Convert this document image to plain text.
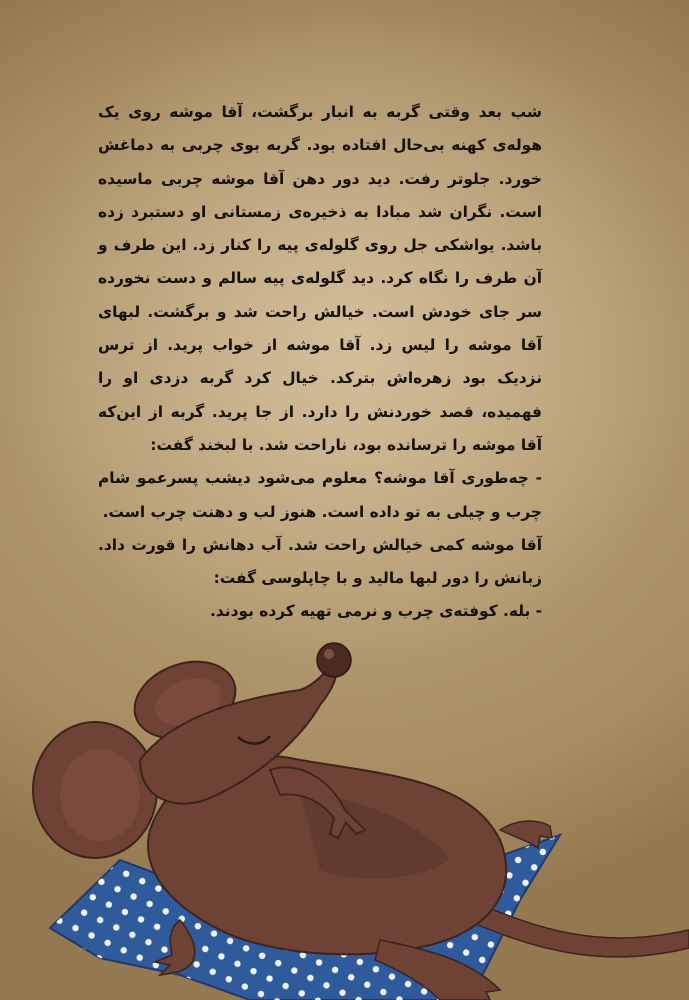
شب بعد وقتی گربه به انبار برگشت، آقا موشه روی یک هوله‌ی کهنه بی‌حال افتاده بود. گربه بوی چربی به دماغش خورد. جلوتر رفت. دید دور دهن آقا موشه چربی ماسیده است. نگران شد مبادا به ذخیره‌ی زمستانی او دستبرد زده باشد. یواشکی جل روی گلوله‌ی پیه را کنار زد. این طرف و آن طرف را نگاه کرد. دید گلوله‌ی پیه سالم و دست نخورده سر جای خودش است. خیالش راحت شد و برگشت. لبهای آقا موشه را لیس زد. آقا موشه از خواب پرید. از ترس نزدیک بود زهره‌اش بترکد. خیال کرد گربه دزدی او را فهمیده، قصد خوردنش را دارد. از جا پرید. گربه از این‌که آقا موشه را ترسانده بود، ناراحت شد. با لبخند گفت:

- چه‌طوری آقا موشه؟ معلوم می‌شود دیشب پسرعمو شام چرب و چیلی به تو داده است. هنوز لب و دهنت چرب است.

آقا موشه کمی خیالش راحت شد. آب دهانش را قورت داد. زبانش را دور لبها مالید و با چاپلوسی گفت:

- بله. کوفته‌ی چرب و نرمی تهیه کرده بودند.
